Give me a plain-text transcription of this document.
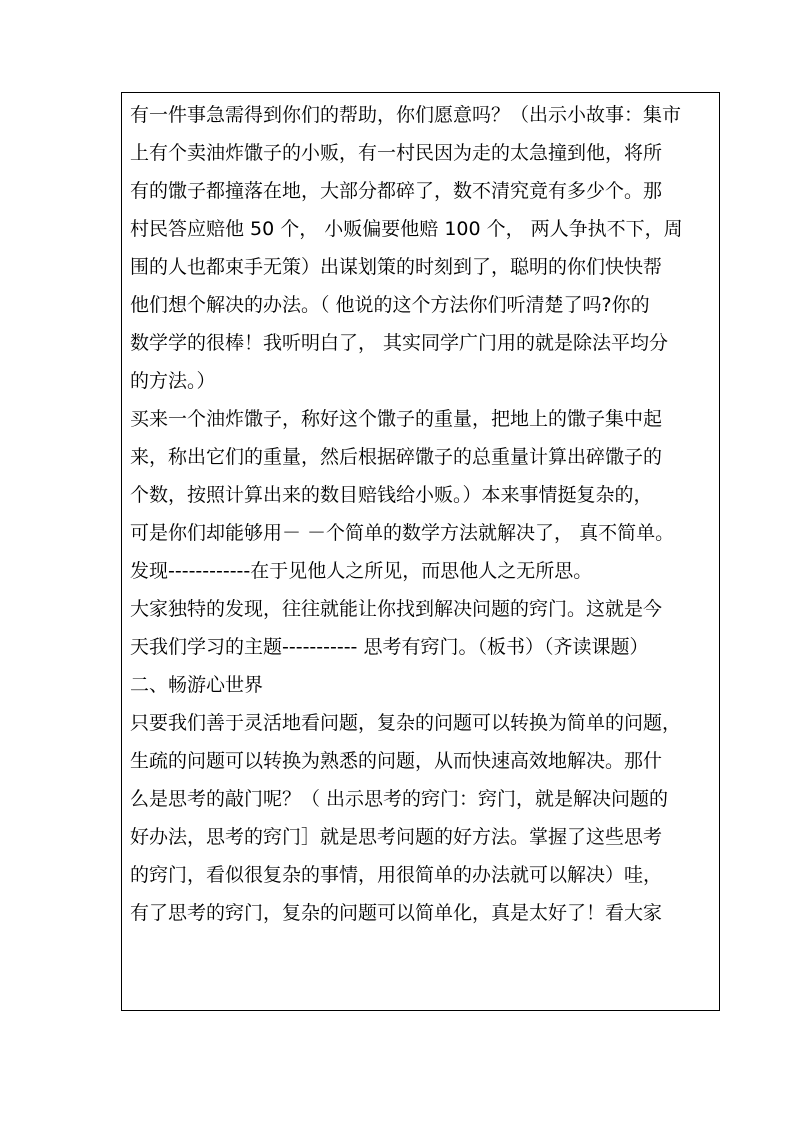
有一件事急需得到你们的帮助，你们愿意吗？（出示小故事：集市
上有个卖油炸馓子的小贩，有一村民因为走的太急撞到他，将所
有的馓子都撞落在地，大部分都碎了，数不清究竟有多少个。那
村民答应赔他 50 个， 小贩偏要他赔 100 个， 两人争执不下，周
围的人也都束手无策）出谋划策的时刻到了，聪明的你们快快帮
他们想个解决的办法。（ 他说的这个方法你们听清楚了吗?你的
数学学的很棒！我听明白了， 其实同学广门用的就是除法平均分
的方法。）
买来一个油炸馓子，称好这个馓子的重量，把地上的馓子集中起
来，称出它们的重量，然后根据碎馓子的总重量计算出碎馓子的
个数，按照计算出来的数目赔钱给小贩。）本来事情挺复杂的，
可是你们却能够用－ －个简单的数学方法就解决了， 真不简单。
发现------------在于见他人之所见，而思他人之无所思。
大家独特的发现，往往就能让你找到解决问题的窍门。这就是今
天我们学习的主题----------- 思考有窍门。（板书）（齐读课题）
二、畅游心世界
只要我们善于灵活地看问题，复杂的问题可以转换为简单的问题，
生疏的问题可以转换为熟悉的问题，从而快速高效地解决。那什
么是思考的敲门呢？（ 出示思考的窍门：窍门，就是解决问题的
好办法，思考的窍门］就是思考问题的好方法。掌握了这些思考
的窍门，看似很复杂的事情，用很简单的办法就可以解决）哇，
有了思考的窍门，复杂的问题可以简单化，真是太好了！看大家
